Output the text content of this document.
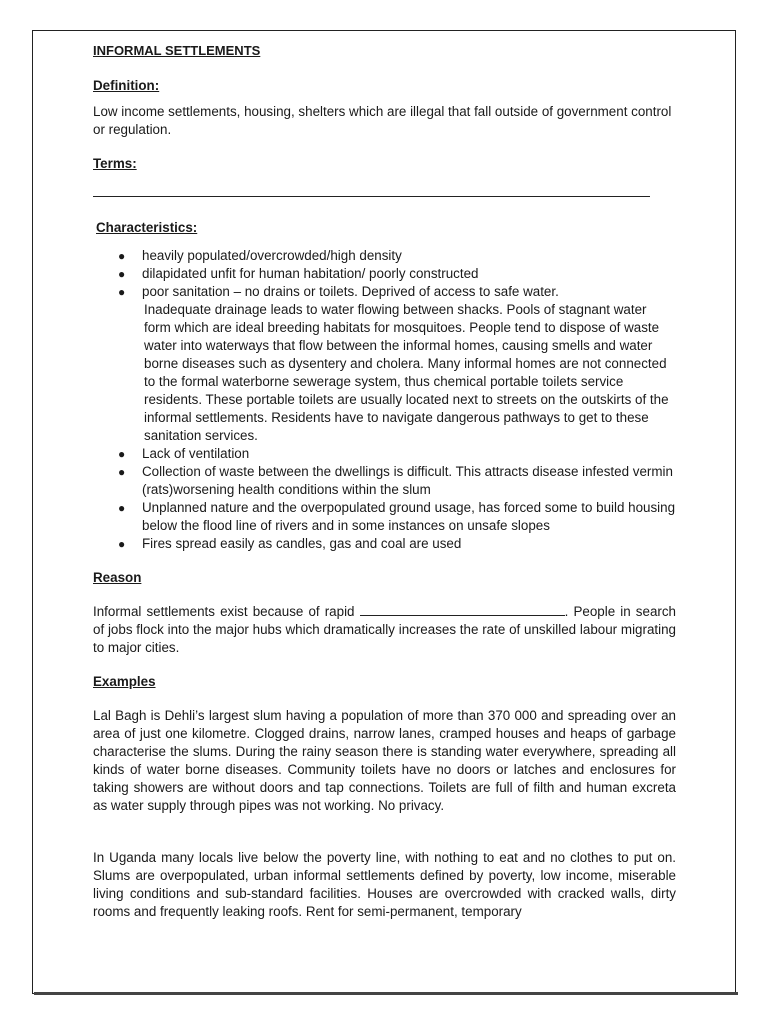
INFORMAL SETTLEMENTS
Definition:
Low income settlements, housing, shelters which are illegal that fall outside of government control or regulation.
Terms:
Characteristics:
● heavily populated/overcrowded/high density
● dilapidated unfit for human habitation/ poorly constructed
● poor sanitation – no drains or toilets. Deprived of access to safe water.
Inadequate drainage leads to water flowing between shacks. Pools of stagnant water form which are ideal breeding habitats for mosquitoes. People tend to dispose of waste water into waterways that flow between the informal homes, causing smells and water borne diseases such as dysentery and cholera. Many informal homes are not connected to the formal waterborne sewerage system, thus chemical portable toilets service residents. These portable toilets are usually located next to streets on the outskirts of the informal settlements. Residents have to navigate dangerous pathways to get to these sanitation services.
● Lack of ventilation
● Collection of waste between the dwellings is difficult. This attracts disease infested vermin (rats)worsening health conditions within the slum
● Unplanned nature and the overpopulated ground usage, has forced some to build housing below the flood line of rivers and in some instances on unsafe slopes
● Fires spread easily as candles, gas and coal are used
Reason
Informal settlements exist because of rapid	. People in search of jobs flock into the major hubs which dramatically increases the rate of unskilled labour migrating to major cities.
Examples
Lal Bagh is Dehli’s largest slum having a population of more than 370 000 and spreading over an area of just one kilometre. Clogged drains, narrow lanes, cramped houses and heaps of garbage characterise the slums. During the rainy season there is standing water everywhere, spreading all kinds of water borne diseases. Community toilets have no doors or latches and enclosures for taking showers are without doors and tap connections. Toilets are full of filth and human excreta as water supply through pipes was not working. No privacy.
In Uganda many locals live below the poverty line, with nothing to eat and no clothes to put on. Slums are overpopulated, urban informal settlements defined by poverty, low income, miserable living conditions and sub-standard facilities. Houses are overcrowded with cracked walls, dirty rooms and frequently leaking roofs. Rent for semi-permanent, temporary
